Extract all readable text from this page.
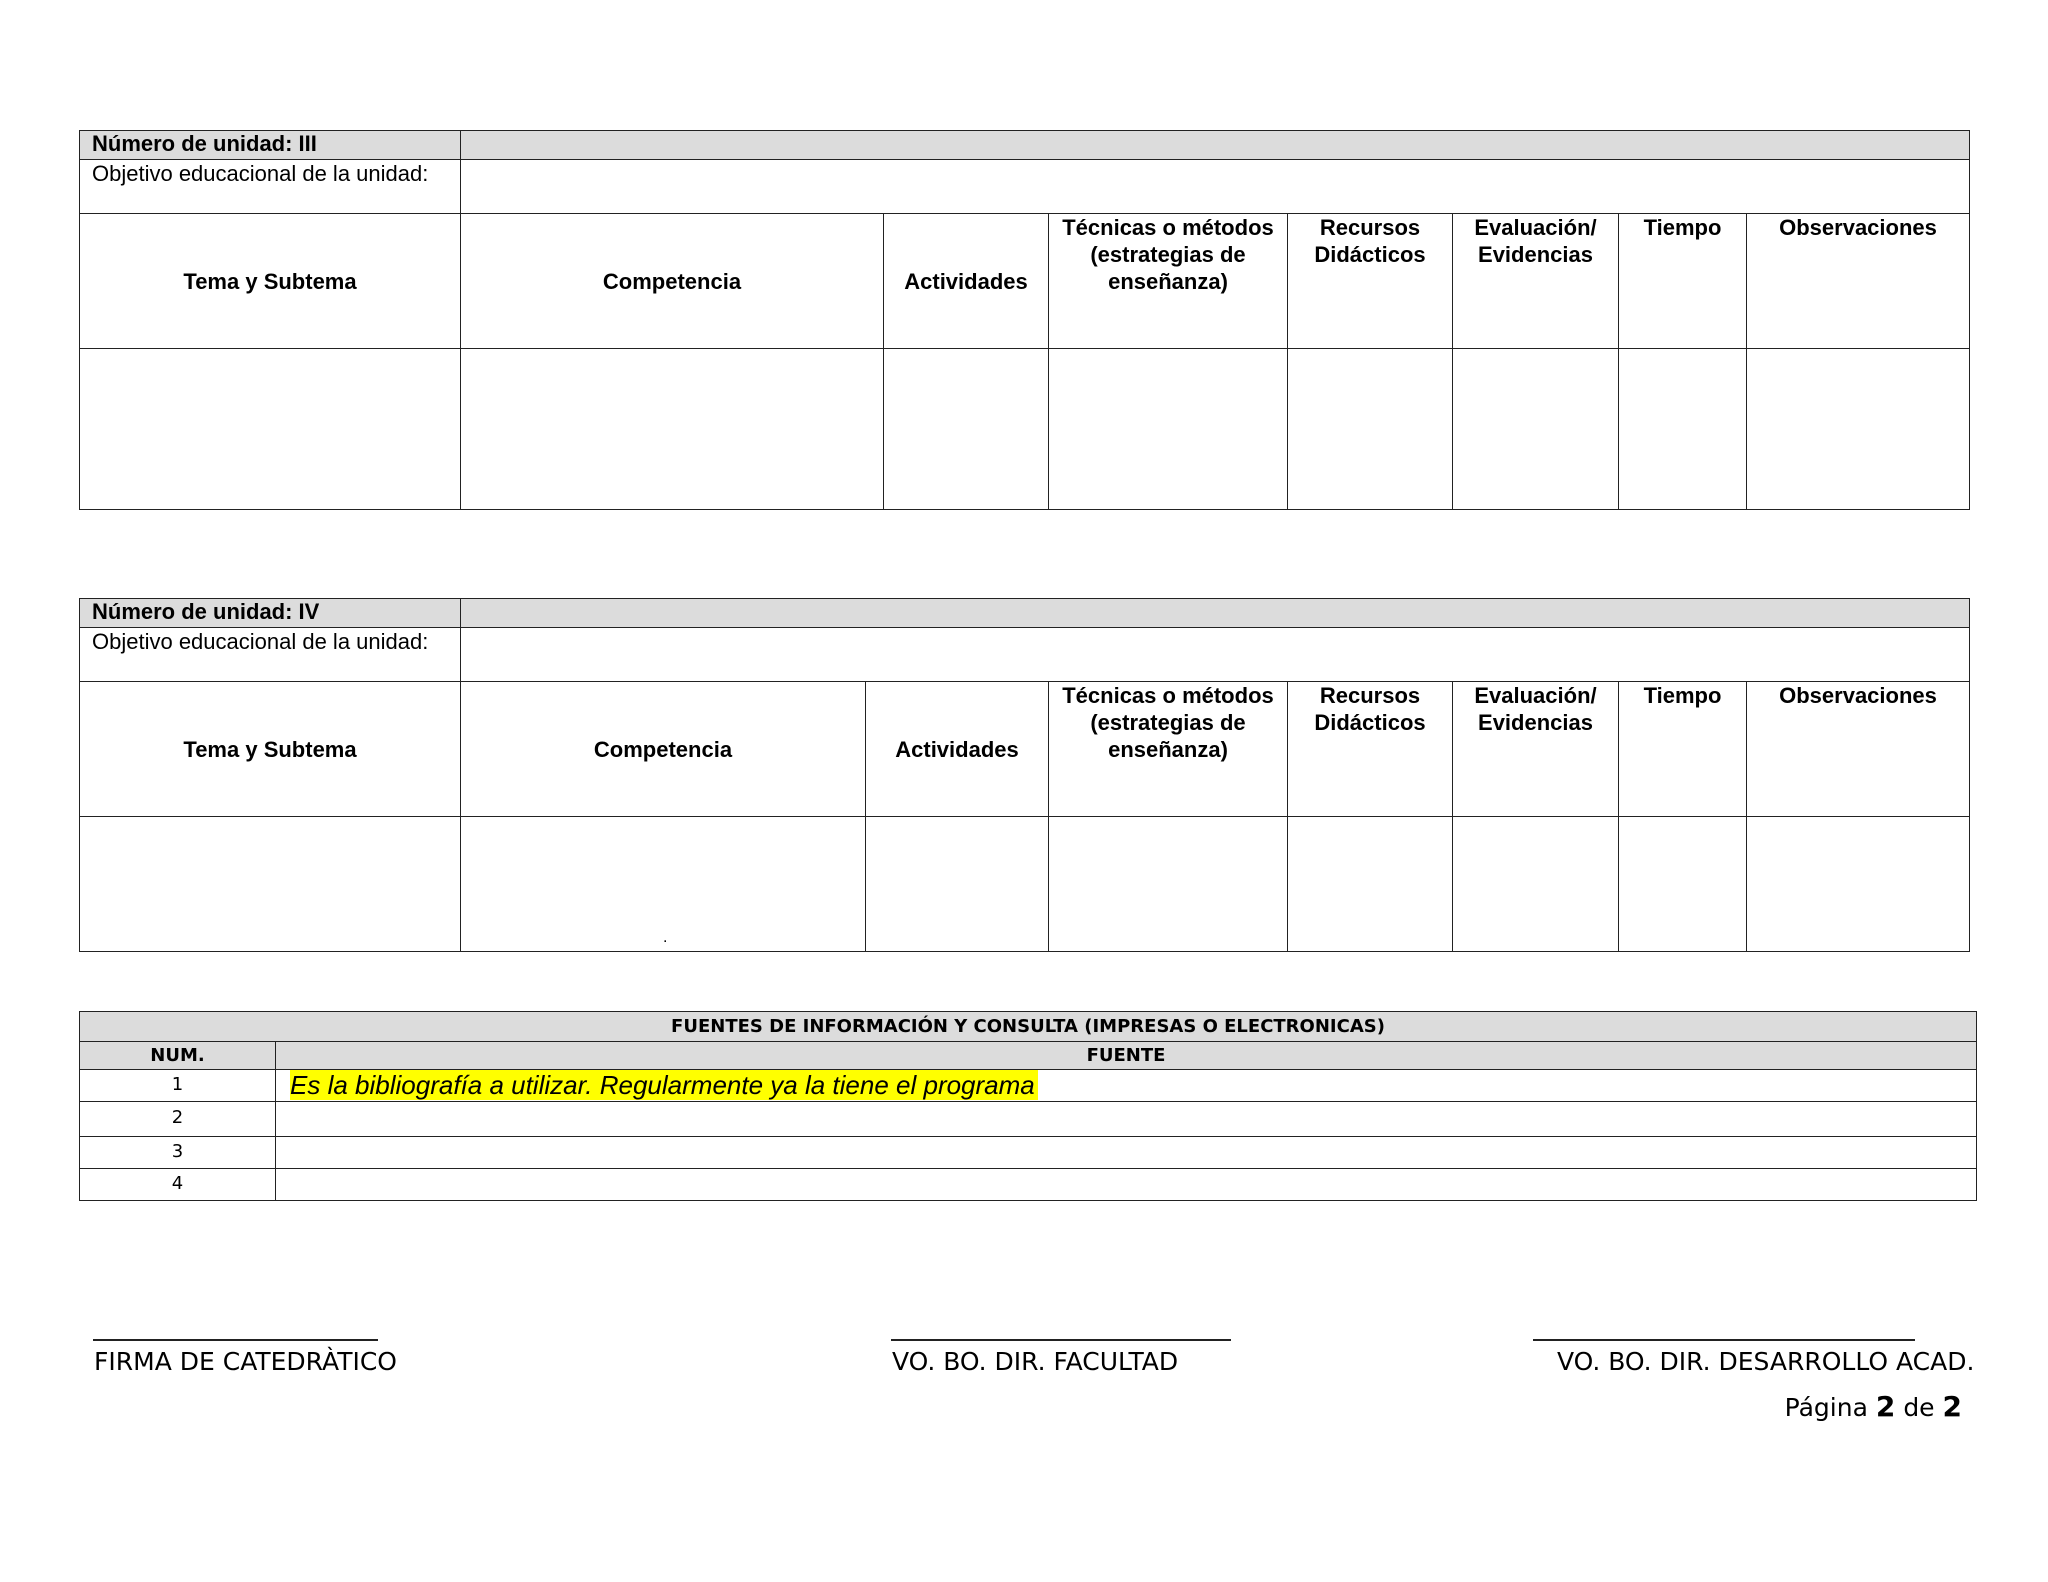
Número de unidad: III							
Objetivo educacional de la unidad:							
Tema y Subtema	Competencia	Actividades	Técnicas o métodos (estrategias de enseñanza)	Recursos Didácticos	Evaluación/ Evidencias	Tiempo	Observaciones

Número de unidad: IV							
Objetivo educacional de la unidad:							
Tema y Subtema	Competencia	Actividades	Técnicas o métodos (estrategias de enseñanza)	Recursos Didácticos	Evaluación/ Evidencias	Tiempo	Observaciones

	.						

FUENTES DE INFORMACIÓN Y CONSULTA (IMPRESAS O ELECTRONICAS)	
NUM.	FUENTE
1	Es la bibliografía a utilizar. Regularmente ya la tiene el programa
2	
3	
4	
FIRMA DE CATEDRÀTICO	VO. BO. DIR. FACULTAD	VO. BO. DIR. DESARROLLO ACAD.
Página 2 de 2
